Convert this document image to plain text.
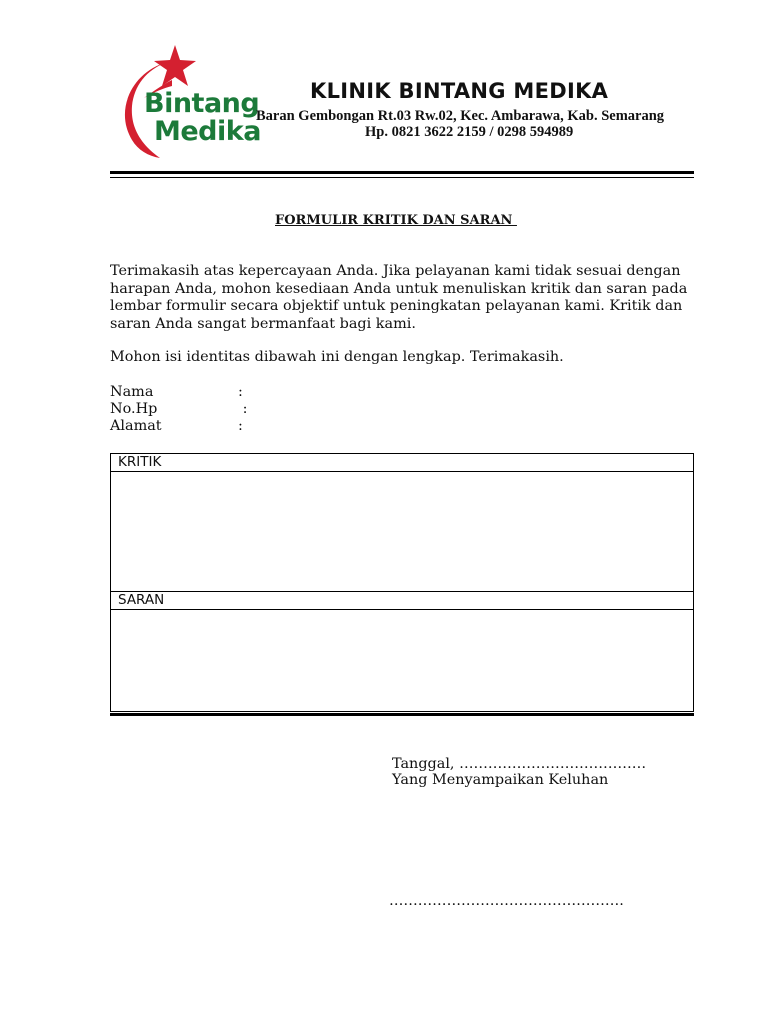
Bintang
Medika
KLINIK BINTANG MEDIKA
Baran Gembongan Rt.03 Rw.02, Kec. Ambarawa, Kab. Semarang
Hp. 0821 3622 2159 / 0298 594989
FORMULIR KRITIK DAN SARAN

Terimakasih atas kepercayaan Anda. Jika pelayanan kami tidak sesuai dengan harapan Anda, mohon kesediaan Anda untuk menuliskan kritik dan saran pada lembar formulir secara objektif untuk peningkatan pelayanan kami. Kritik dan saran Anda sangat bermanfaat bagi kami.

Mohon isi identitas dibawah ini dengan lengkap. Terimakasih.

Nama	:
No.Hp	:
Alamat	:
KRITIK
SARAN
Tanggal, …………………………………
Yang Menyampaikan Keluhan
………………………………………….
